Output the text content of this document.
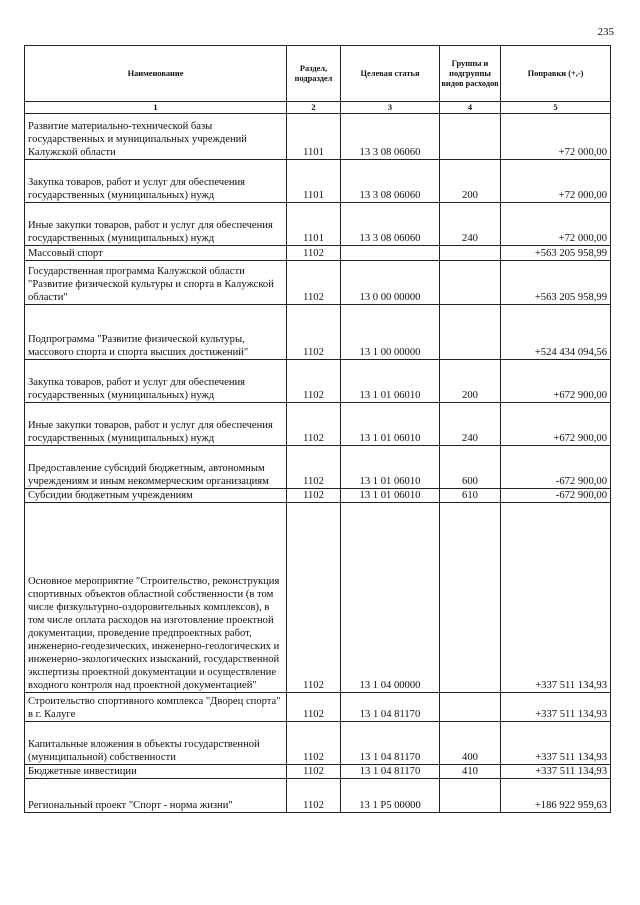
235
Наименование	Раздел, подраздел	Целевая статья	Группы и подгруппы видов расходов	Поправки (+,-)
1	2	3	4	5
Развитие материально-технической базы государственных и муниципальных учреждений Калужской области	1101	13 3 08 06060		+72 000,00
Закупка товаров, работ и услуг для обеспечения государственных (муниципальных) нужд	1101	13 3 08 06060	200	+72 000,00
Иные закупки товаров, работ и услуг для обеспечения государственных (муниципальных) нужд	1101	13 3 08 06060	240	+72 000,00
Массовый спорт	1102			+563 205 958,99
Государственная программа Калужской области "Развитие физической культуры и спорта в Калужской области"	1102	13 0 00 00000		+563 205 958,99
Подпрограмма "Развитие физической культуры, массового спорта и спорта высших достижений"	1102	13 1 00 00000		+524 434 094,56
Закупка товаров, работ и услуг для обеспечения государственных (муниципальных) нужд	1102	13 1 01 06010	200	+672 900,00
Иные закупки товаров, работ и услуг для обеспечения государственных (муниципальных) нужд	1102	13 1 01 06010	240	+672 900,00
Предоставление субсидий бюджетным, автономным учреждениям и иным некоммерческим организациям	1102	13 1 01 06010	600	-672 900,00
Субсидии бюджетным учреждениям	1102	13 1 01 06010	610	-672 900,00
Основное мероприятие "Строительство, реконструкция спортивных объектов областной собственности (в том числе физкультурно-оздоровительных комплексов), в том числе оплата расходов на изготовление проектной документации, проведение предпроектных работ, инженерно-геодезических, инженерно-геологических и инженерно-экологических изысканий, государственной экспертизы проектной документации и осуществление входного контроля над проектной документацией"	1102	13 1 04 00000		+337 511 134,93
Строительство спортивного комплекса "Дворец спорта" в г. Калуге	1102	13 1 04 81170		+337 511 134,93
Капитальные вложения в объекты государственной (муниципальной) собственности	1102	13 1 04 81170	400	+337 511 134,93
Бюджетные инвестиции	1102	13 1 04 81170	410	+337 511 134,93
Региональный проект "Спорт - норма жизни"	1102	13 1 P5 00000		+186 922 959,63
